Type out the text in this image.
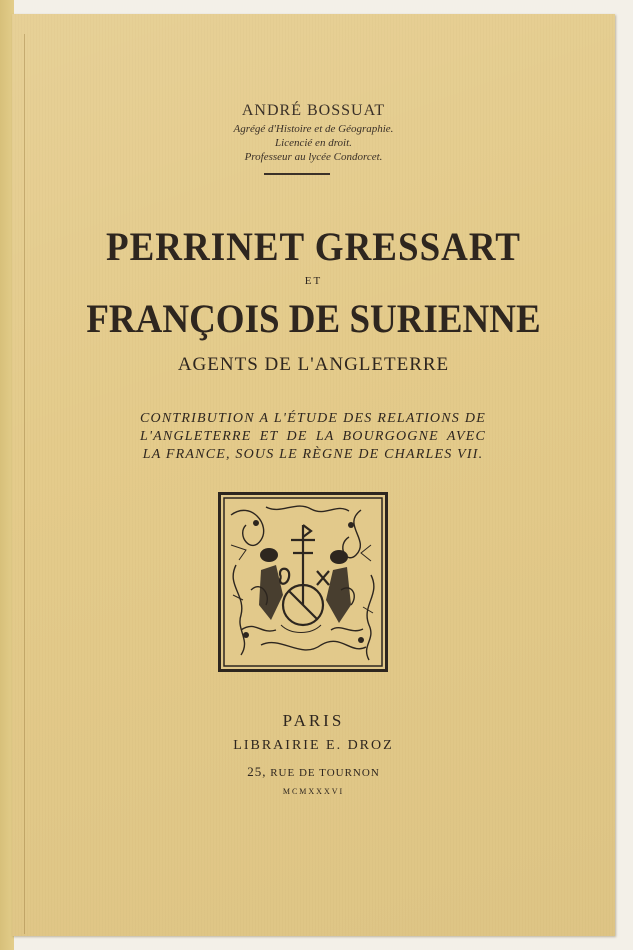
ANDRÉ BOSSUAT
Agrégé d'Histoire et de Géographie.
Licencié en droit.
Professeur au lycée Condorcet.
PERRINET GRESSART
ET
FRANÇOIS DE SURIENNE
AGENTS DE L'ANGLETERRE
CONTRIBUTION A L'ÉTUDE DES RELATIONS DE L'ANGLETERRE ET DE LA BOURGOGNE AVEC LA FRANCE, SOUS LE RÈGNE DE CHARLES VII.
PARIS
LIBRAIRIE E. DROZ
25, RUE DE TOURNON
MCMXXXVI
